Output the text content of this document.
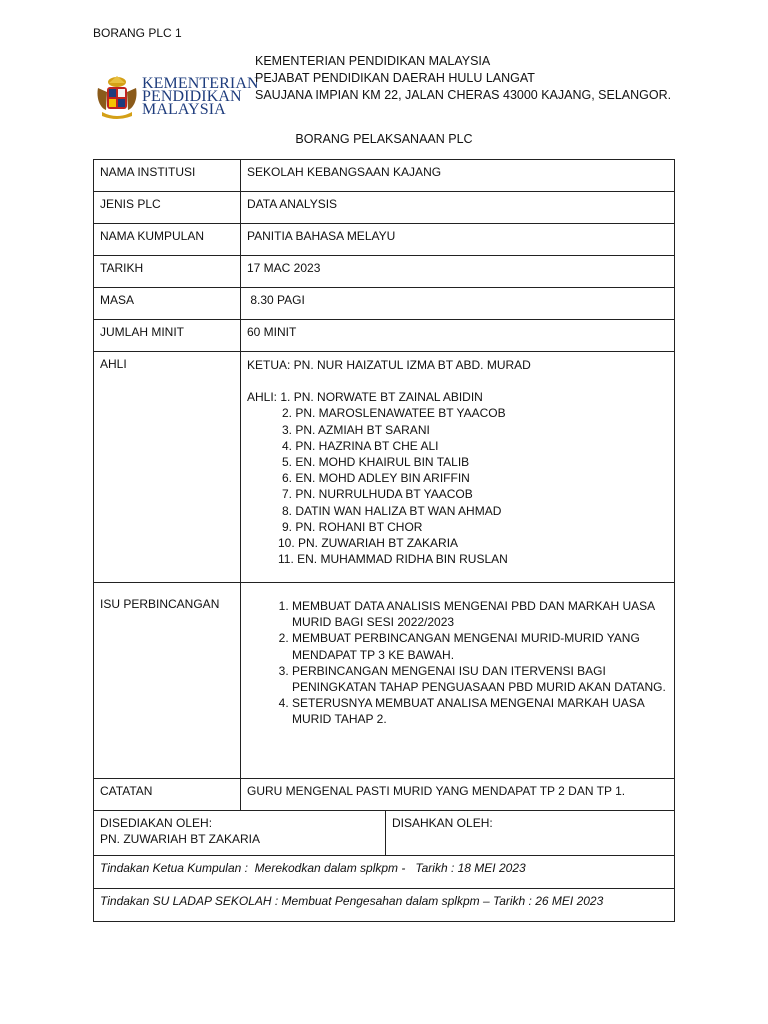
BORANG PLC 1
KEMENTERIAN
PENDIDIKAN
MALAYSIA
KEMENTERIAN PENDIDIKAN MALAYSIA
PEJABAT PENDIDIKAN DAERAH HULU LANGAT
SAUJANA IMPIAN KM 22, JALAN CHERAS 43000 KAJANG, SELANGOR.
BORANG PELAKSANAAN PLC
NAMA INSTITUSI	SEKOLAH KEBANGSAAN KAJANG
JENIS PLC	DATA ANALYSIS
NAMA KUMPULAN	PANITIA BAHASA MELAYU
TARIKH	17 MAC 2023
MASA	8.30 PAGI
JUMLAH MINIT	60 MINIT
AHLI	KETUA: PN. NUR HAIZATUL IZMA BT ABD. MURAD
AHLI: 1. PN. NORWATE BT ZAINAL ABIDIN
2. PN. MAROSLENAWATEE BT YAACOB
3. PN. AZMIAH BT SARANI
4. PN. HAZRINA BT CHE ALI
5. EN. MOHD KHAIRUL BIN TALIB
6. EN. MOHD ADLEY BIN ARIFFIN
7. PN. NURRULHUDA BT YAACOB
8. DATIN WAN HALIZA BT WAN AHMAD
9. PN. ROHANI BT CHOR
10. PN. ZUWARIAH BT ZAKARIA
11. EN. MUHAMMAD RIDHA BIN RUSLAN

ISU PERBINCANGAN

1.MEMBUAT DATA ANALISIS MENGENAI PBD DAN MARKAH UASA MURID BAGI SESI 2022/2023
2. MEMBUAT PERBINCANGAN MENGENAI MURID-MURID YANG MENDAPAT TP 3 KE BAWAH.
3. PERBINCANGAN MENGENAI ISU DAN ITERVENSI BAGI PENINGKATAN TAHAP PENGUASAAN PBD MURID AKAN DATANG.
4. SETERUSNYA MEMBUAT ANALISA MENGENAI MARKAH UASA MURID TAHAP 2.

CATATAN	GURU MENGENAL PASTI MURID YANG MENDAPAT TP 2 DAN TP 1.

DISEDIAKAN OLEH:
PN. ZUWARIAH BT ZAKARIA

DISAHKAN OLEH:

Tindakan Ketua Kumpulan :  Merekodkan dalam splkpm -   Tarikh : 18 MEI 2023
Tindakan SU LADAP SEKOLAH : Membuat Pengesahan dalam splkpm – Tarikh : 26 MEI 2023
